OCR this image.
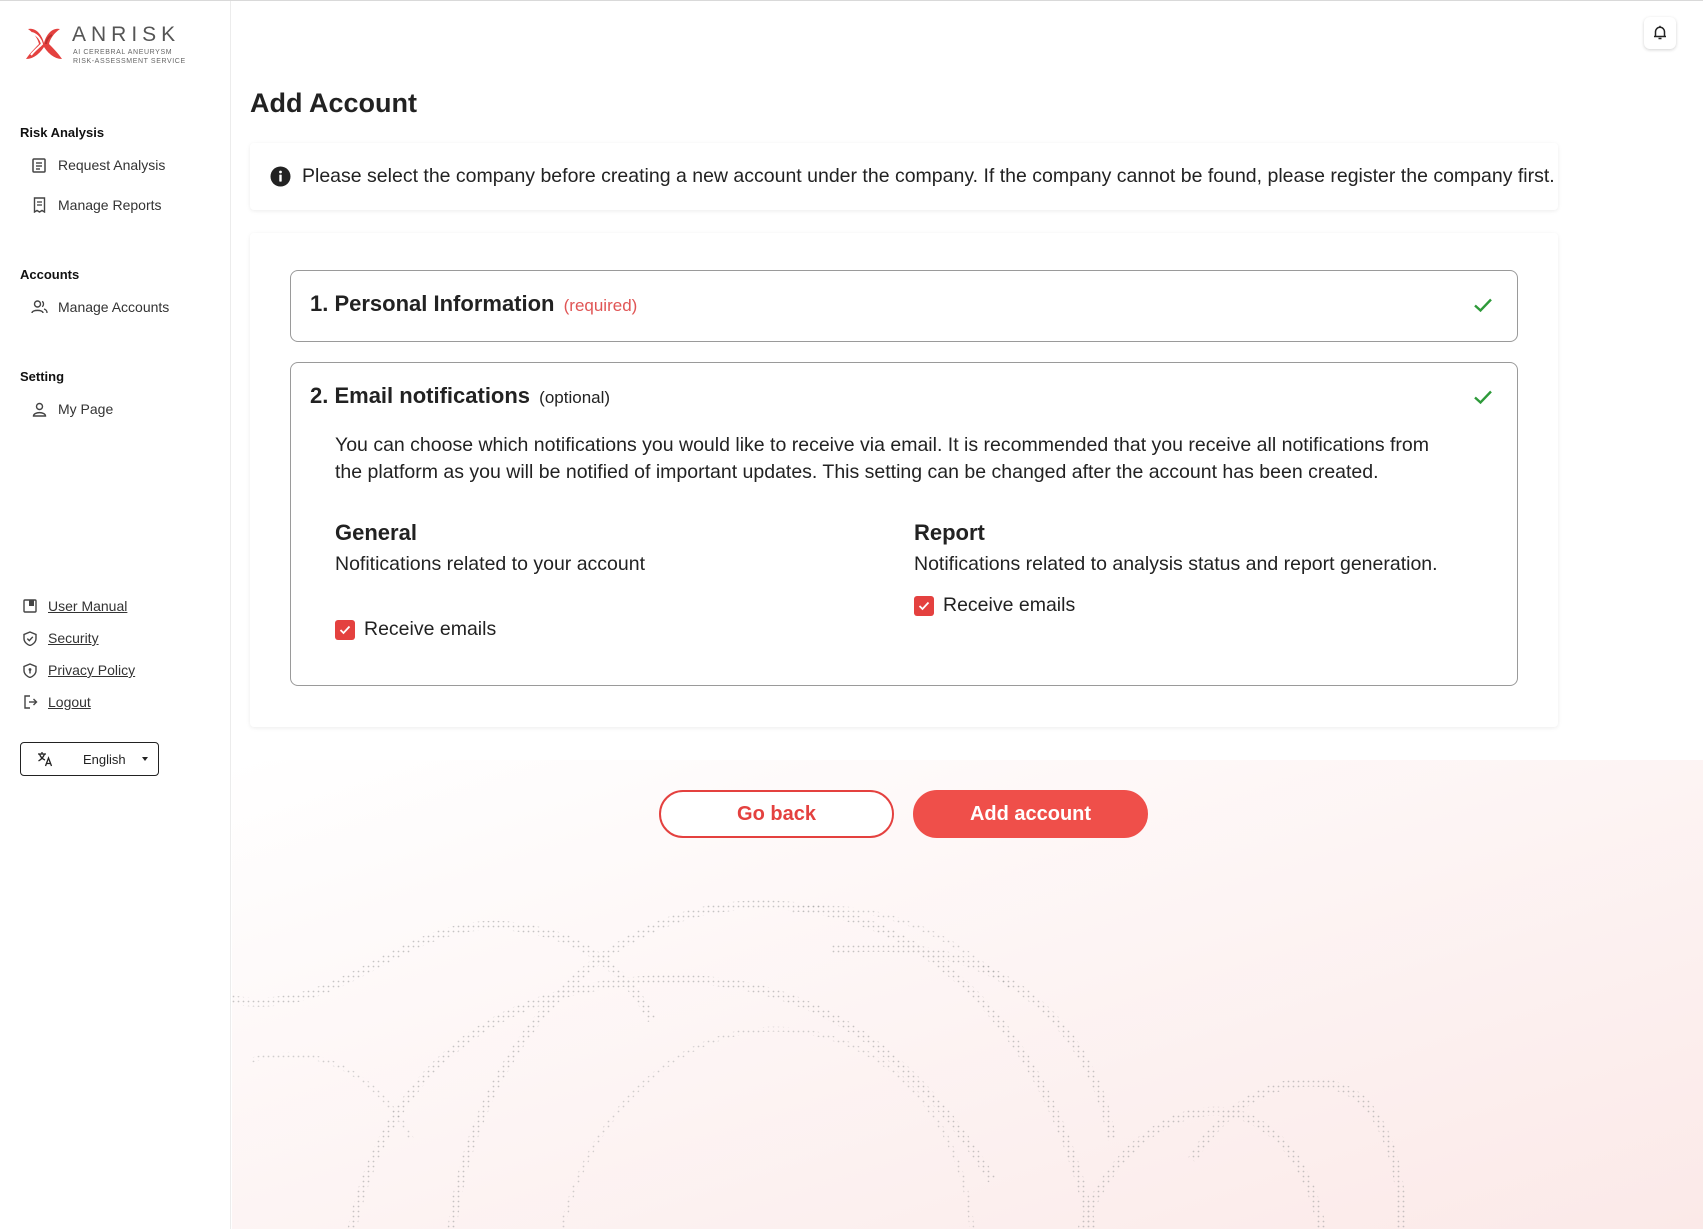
ANRISK
AI CEREBRAL ANEURYSM
RISK-ASSESSMENT SERVICE
Risk Analysis
Request Analysis
Manage Reports
Accounts
Manage Accounts
Setting
My Page
User Manual
Security
Privacy Policy
Logout
English
Add Account
Please select the company before creating a new account under the company. If the company cannot be found, please register the company first.
1. Personal Information (required)
2. Email notifications (optional)

You can choose which notifications you would like to receive via email. It is recommended that you receive all notifications from the platform as you will be notified of important updates. This setting can be changed after the account has been created.

General
Nofitications related to your account
Receive emails
Report
Notifications related to analysis status and report generation.
Receive emails
Go back	Add account
